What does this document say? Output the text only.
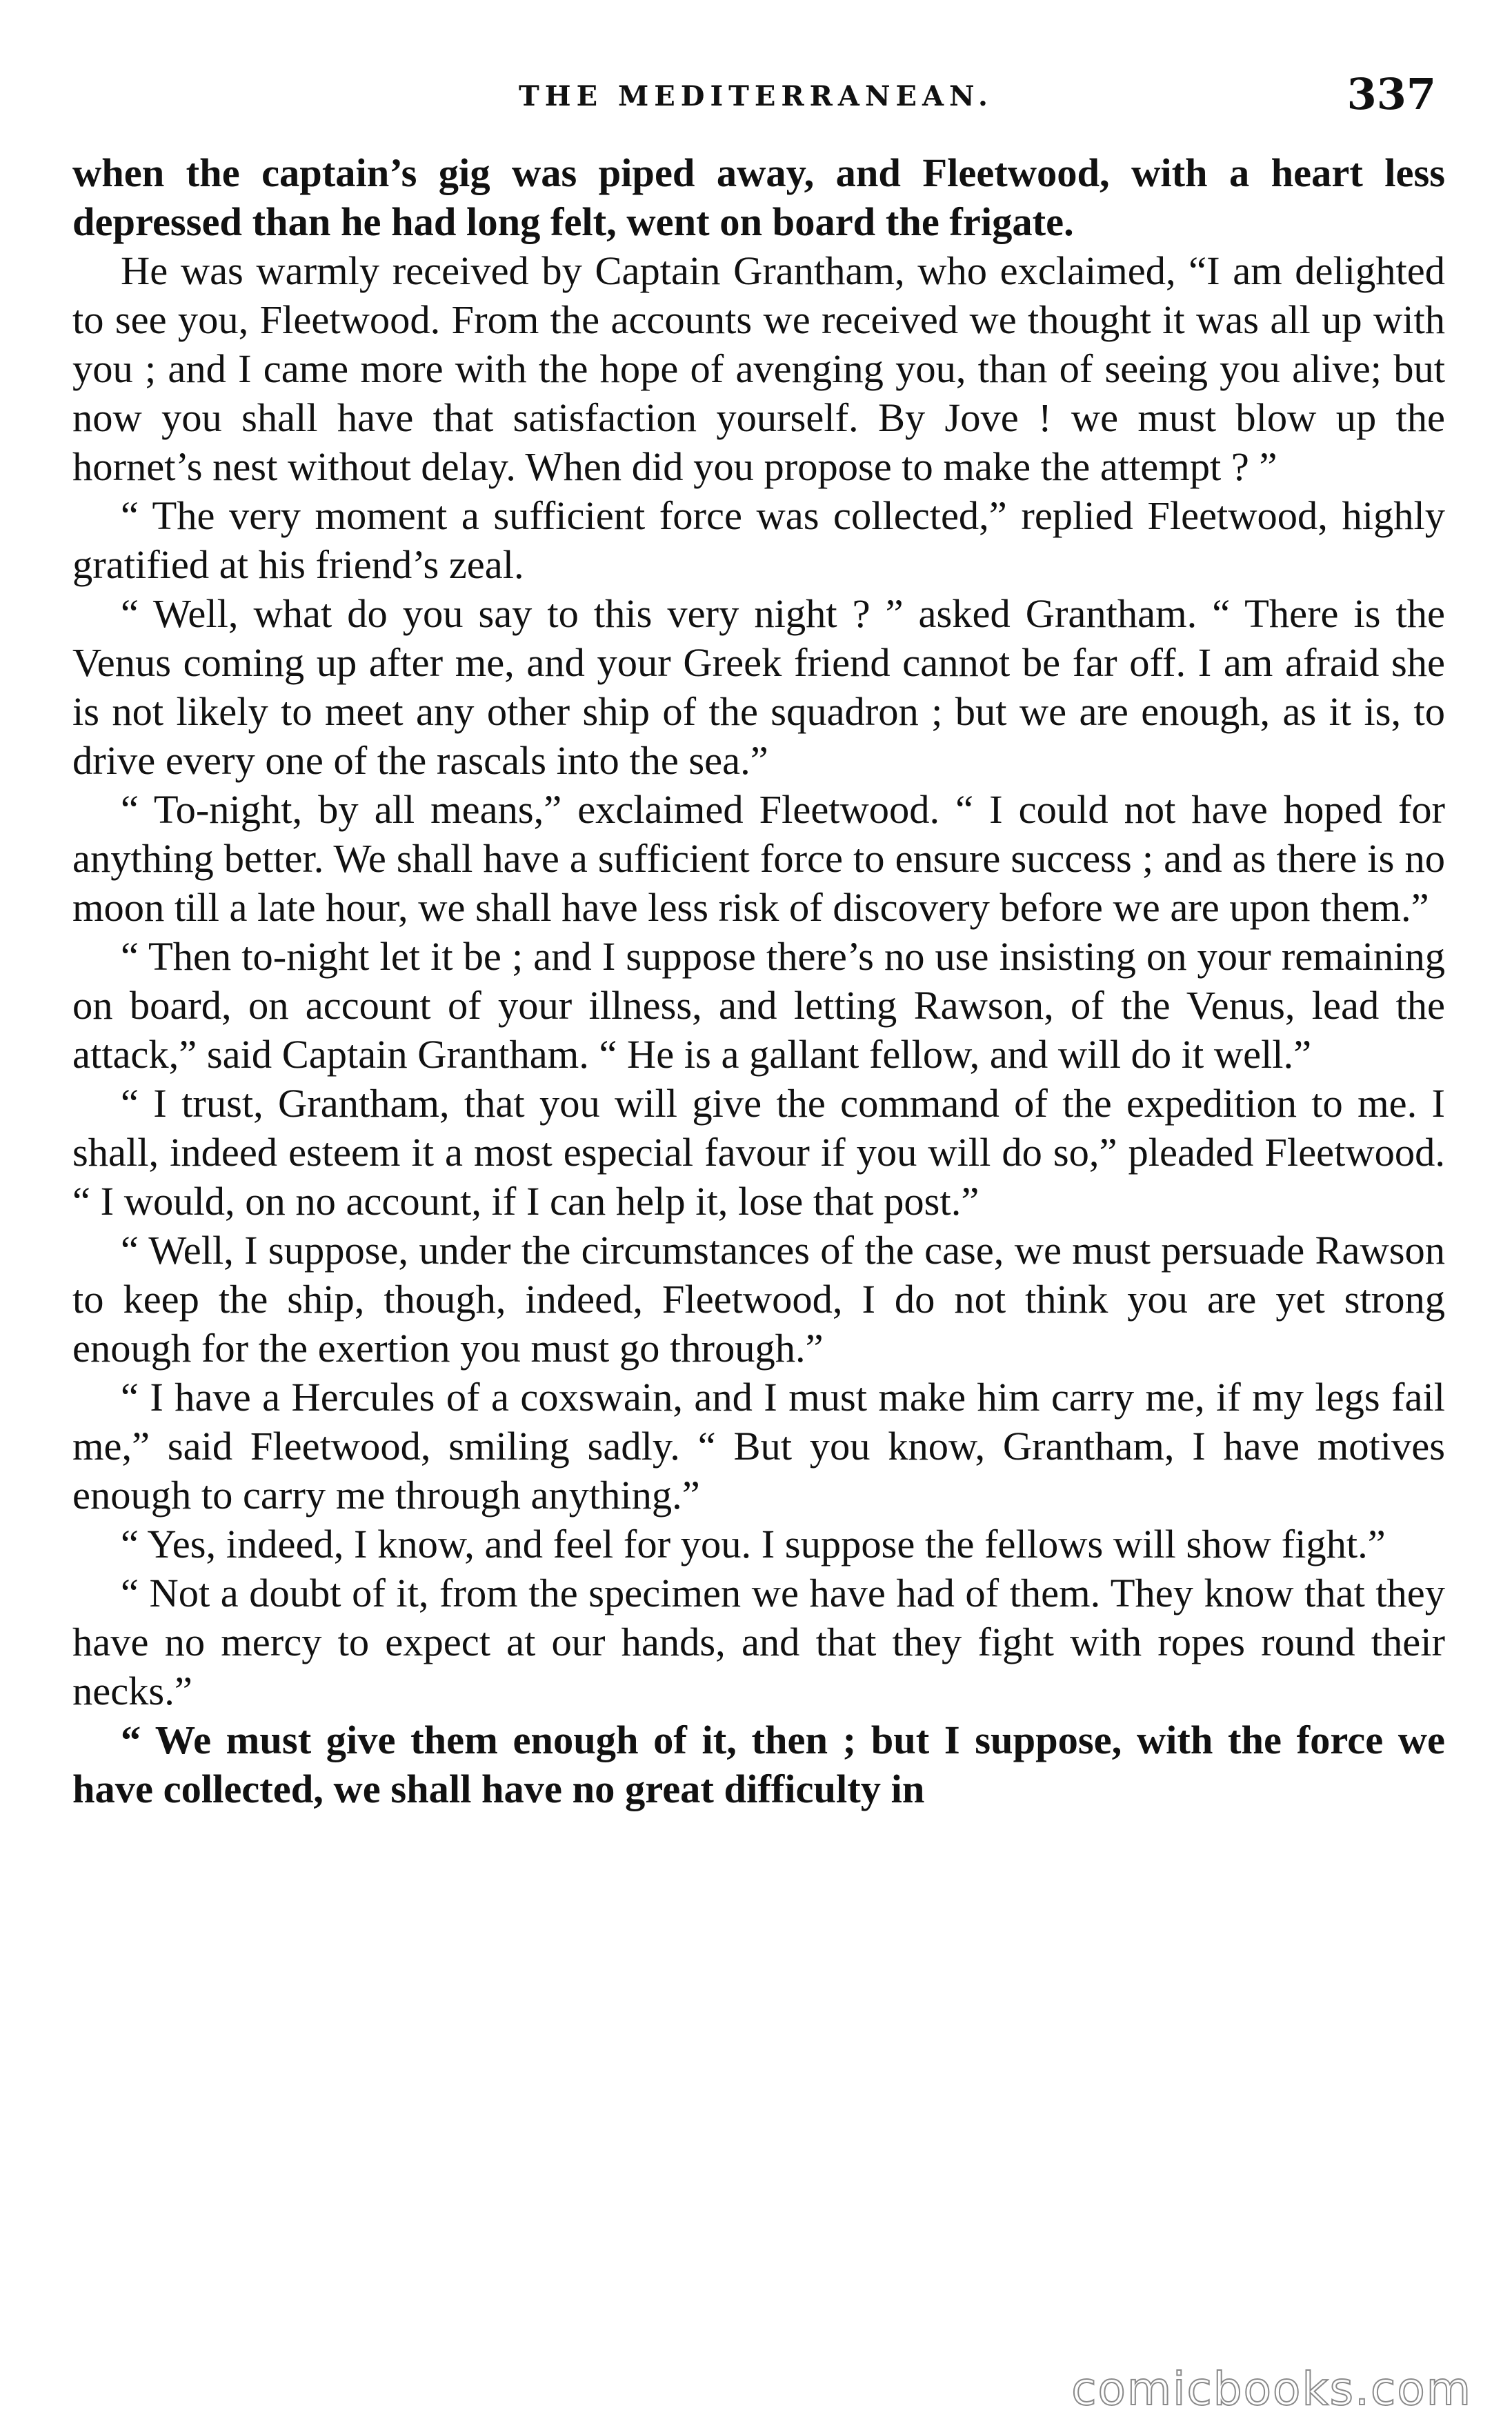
THE MEDITERRANEAN.	337

when the captain’s gig was piped away, and Fleetwood, with a heart less depressed than he had long felt, went on board the frigate.

He was warmly received by Captain Grantham, who exclaimed, “I am delighted to see you, Fleetwood. From the accounts we received we thought it was all up with you ; and I came more with the hope of avenging you, than of seeing you alive; but now you shall have that satisfaction yourself. By Jove ! we must blow up the hornet’s nest without delay. When did you propose to make the attempt ? ”

“ The very moment a sufficient force was collected,” replied Fleetwood, highly gratified at his friend’s zeal.

“ Well, what do you say to this very night ? ” asked Grantham. “ There is the Venus coming up after me, and your Greek friend cannot be far off. I am afraid she is not likely to meet any other ship of the squadron ; but we are enough, as it is, to drive every one of the rascals into the sea.”

“ To-night, by all means,” exclaimed Fleetwood. “ I could not have hoped for anything better. We shall have a sufficient force to ensure success ; and as there is no moon till a late hour, we shall have less risk of discovery before we are upon them.”

“ Then to-night let it be ; and I suppose there’s no use insisting on your remaining on board, on account of your illness, and letting Rawson, of the Venus, lead the attack,” said Captain Grantham. “ He is a gallant fellow, and will do it well.”

“ I trust, Grantham, that you will give the command of the expedition to me. I shall, indeed esteem it a most especial favour if you will do so,” pleaded Fleetwood. “ I would, on no account, if I can help it, lose that post.”

“ Well, I suppose, under the circumstances of the case, we must persuade Rawson to keep the ship, though, indeed, Fleetwood, I do not think you are yet strong enough for the exertion you must go through.”

“ I have a Hercules of a coxswain, and I must make him carry me, if my legs fail me,” said Fleetwood, smiling sadly. “ But you know, Grantham, I have motives enough to carry me through anything.”

“ Yes, indeed, I know, and feel for you. I suppose the fellows will show fight.”

“ Not a doubt of it, from the specimen we have had of them. They know that they have no mercy to expect at our hands, and that they fight with ropes round their necks.”

“ We must give them enough of it, then ; but I suppose, with the force we have collected, we shall have no great difficulty in

comicbooks.com
